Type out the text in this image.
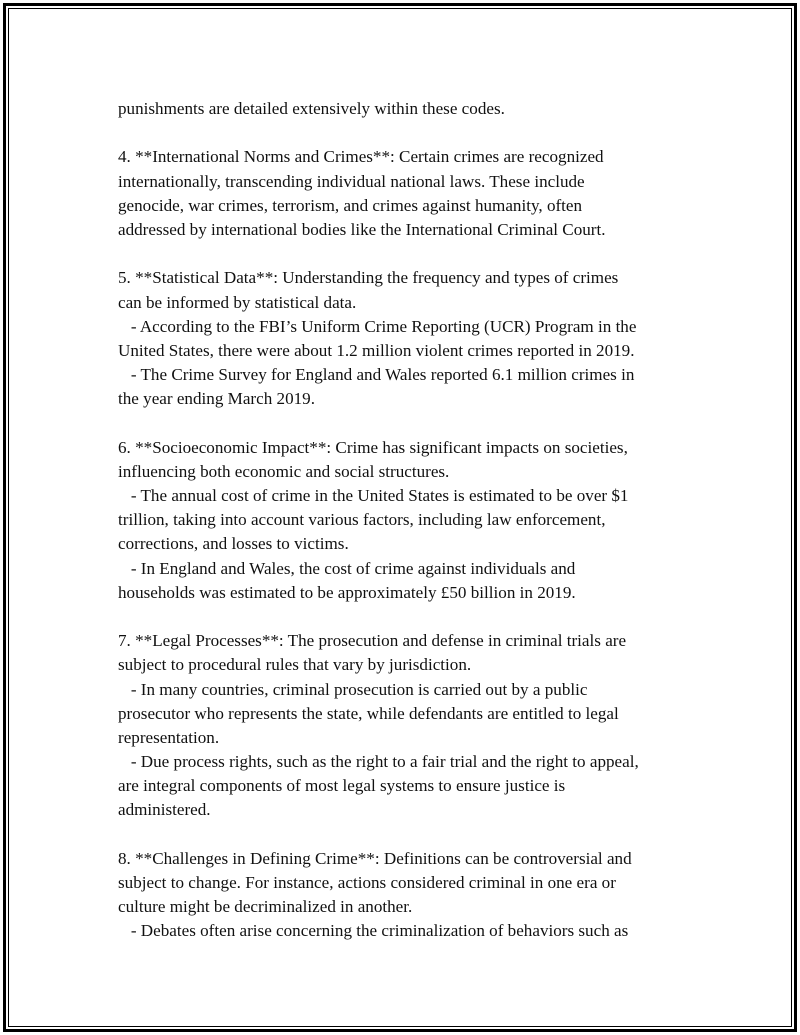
punishments are detailed extensively within these codes.
4. **International Norms and Crimes**: Certain crimes are recognized
internationally, transcending individual national laws. These include
genocide, war crimes, terrorism, and crimes against humanity, often
addressed by international bodies like the International Criminal Court.
5. **Statistical Data**: Understanding the frequency and types of crimes
can be informed by statistical data.
- According to the FBI’s Uniform Crime Reporting (UCR) Program in the
United States, there were about 1.2 million violent crimes reported in 2019.
- The Crime Survey for England and Wales reported 6.1 million crimes in
the year ending March 2019.
6. **Socioeconomic Impact**: Crime has significant impacts on societies,
influencing both economic and social structures.
- The annual cost of crime in the United States is estimated to be over $1
trillion, taking into account various factors, including law enforcement,
corrections, and losses to victims.
- In England and Wales, the cost of crime against individuals and
households was estimated to be approximately £50 billion in 2019.
7. **Legal Processes**: The prosecution and defense in criminal trials are
subject to procedural rules that vary by jurisdiction.
- In many countries, criminal prosecution is carried out by a public
prosecutor who represents the state, while defendants are entitled to legal
representation.
- Due process rights, such as the right to a fair trial and the right to appeal,
are integral components of most legal systems to ensure justice is
administered.
8. **Challenges in Defining Crime**: Definitions can be controversial and
subject to change. For instance, actions considered criminal in one era or
culture might be decriminalized in another.
- Debates often arise concerning the criminalization of behaviors such as
